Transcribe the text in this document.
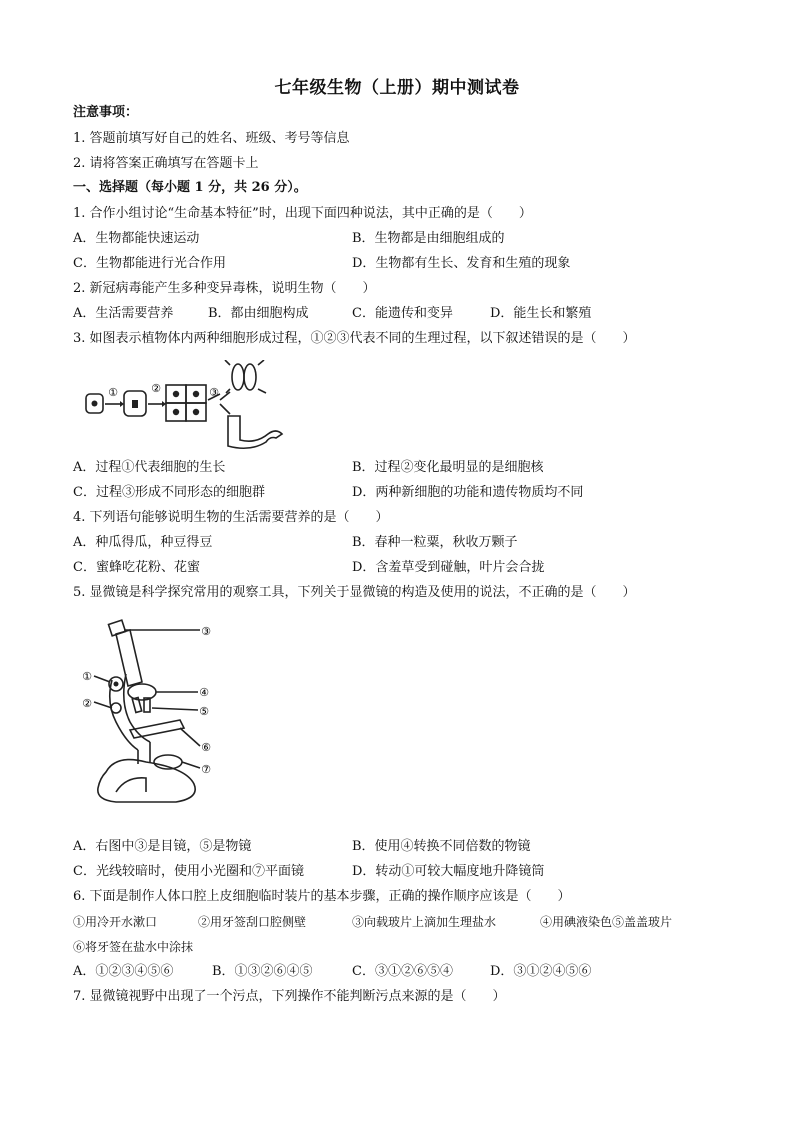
七年级生物（上册）期中测试卷
注意事项：
1. 答题前填写好自己的姓名、班级、考号等信息
2. 请将答案正确填写在答题卡上
一、选择题（每小题 1 分，共 26 分）。
1. 合作小组讨论“生命基本特征”时，出现下面四种说法，其中正确的是（　　）
A．生物都能快速运动	B．生物都是由细胞组成的
C．生物都能进行光合作用	D．生物都有生长、发育和生殖的现象
2. 新冠病毒能产生多种变异毒株，说明生物（　　）
A．生活需要营养	B．都由细胞构成	C．能遗传和变异	D．能生长和繁殖
3. 如图表示植物体内两种细胞形成过程，①②③代表不同的生理过程，以下叙述错误的是（　　）
①	②	③
A．过程①代表细胞的生长	B．过程②变化最明显的是细胞核
C．过程③形成不同形态的细胞群	D．两种新细胞的功能和遗传物质均不同
4. 下列语句能够说明生物的生活需要营养的是（　　）
A．种瓜得瓜，种豆得豆	B．春种一粒粟，秋收万颗子
C．蜜蜂吃花粉、花蜜	D．含羞草受到碰触，叶片会合拢
5. 显微镜是科学探究常用的观察工具，下列关于显微镜的构造及使用的说法，不正确的是（　　）
③
①
②
④
⑤
⑥
⑦
A．右图中③是目镜，⑤是物镜	B．使用④转换不同倍数的物镜
C．光线较暗时，使用小光圈和⑦平面镜	D．转动①可较大幅度地升降镜筒
6. 下面是制作人体口腔上皮细胞临时装片的基本步骤，正确的操作顺序应该是（　　）
①用冷开水漱口	②用牙签刮口腔侧壁	③向载玻片上滴加生理盐水	④用碘液染色⑤盖盖玻片
⑥将牙签在盐水中涂抹
A．①②③④⑤⑥	B．①③②⑥④⑤	C．③①②⑥⑤④	D．③①②④⑤⑥
7. 显微镜视野中出现了一个污点，下列操作不能判断污点来源的是（　　）
